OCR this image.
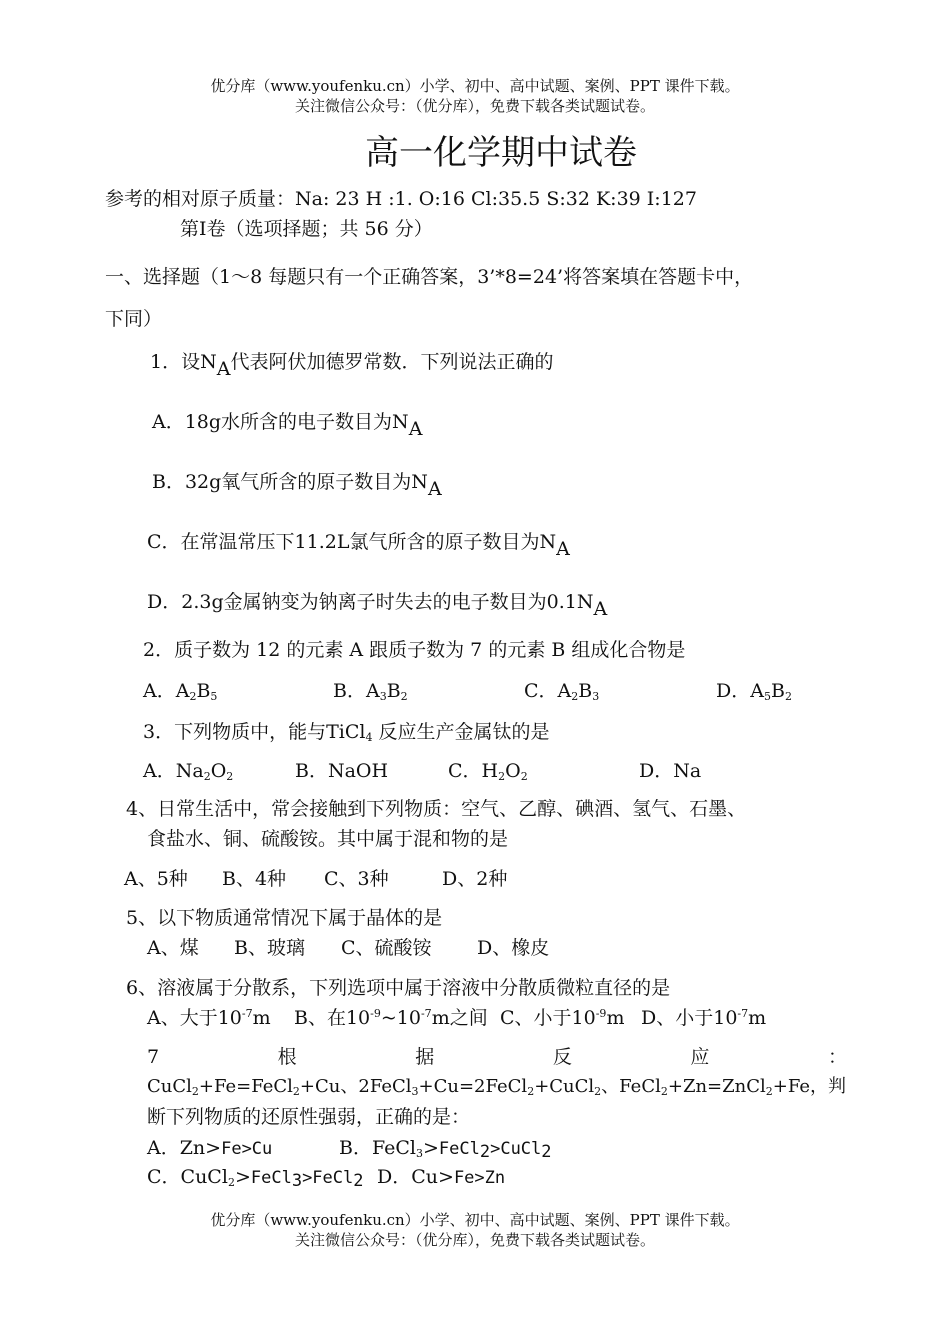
优分库（www.youfenku.cn）小学、初中、高中试题、案例、PPT 课件下载。
关注微信公众号：（优分库），免费下载各类试题试卷。
高一化学期中试卷
参考的相对原子质量：Na: 23 H :1. O:16 Cl:35.5 S:32 K:39 I:127
第I卷（选项择题；共 56 分）
一、选择题（1～8 每题只有一个正确答案，3’*8=24’将答案填在答题卡中，
下同）
1．设NA代表阿伏加德罗常数．下列说法正确的
A．18g水所含的电子数目为NA
B．32g氧气所含的原子数目为NA
C．在常温常压下11.2L氯气所含的原子数目为NA
D．2.3g金属钠变为钠离子时失去的电子数目为0.1NA
2．质子数为 12 的元素 A 跟质子数为 7 的元素 B 组成化合物是
A．$A_2B_5$	B．$A_3B_2$	C．$A_2B_3$	D．$A_5B_2$
3．下列物质中，能与TiCl$_4$ 反应生产金属钛的是
A．$Na_2O_2$	B．NaOH	C．$H_2O_2$	D．Na
4、日常生活中，常会接触到下列物质：空气、乙醇、碘酒、氢气、石墨、
食盐水、铜、硫酸铵。其中属于混和物的是
A、5种 B、4种 C、3种	D、2种
5、以下物质通常情况下属于晶体的是
A、煤 B、玻璃 C、硫酸铵 D、橡皮
6、溶液属于分散系，下列选项中属于溶液中分散质微粒直径的是
A、大于$10^{-7}m$ B、在$10^{-9}\sim 10^{-7}m$之间 C、小于$10^{-9}m$ D、小于$10^{-7}m$
7	根	据	反	应	：
CuCl$_2$+Fe=FeCl$_2$+Cu、2FeCl$_3$+Cu=2FeCl$_2$+CuCl$_2$、FeCl$_2$+Zn=ZnCl$_2$+Fe，判
断下列物质的还原性强弱，正确的是：
A．Zn>Fe>Cu	B．FeCl$_3$>FeCl$_2$>CuCl$_2$
C．CuCl$_2$>FeCl$_3$>FeCl$_2$ D．Cu>Fe>Zn
优分库（www.youfenku.cn）小学、初中、高中试题、案例、PPT 课件下载。
关注微信公众号：（优分库），免费下载各类试题试卷。
